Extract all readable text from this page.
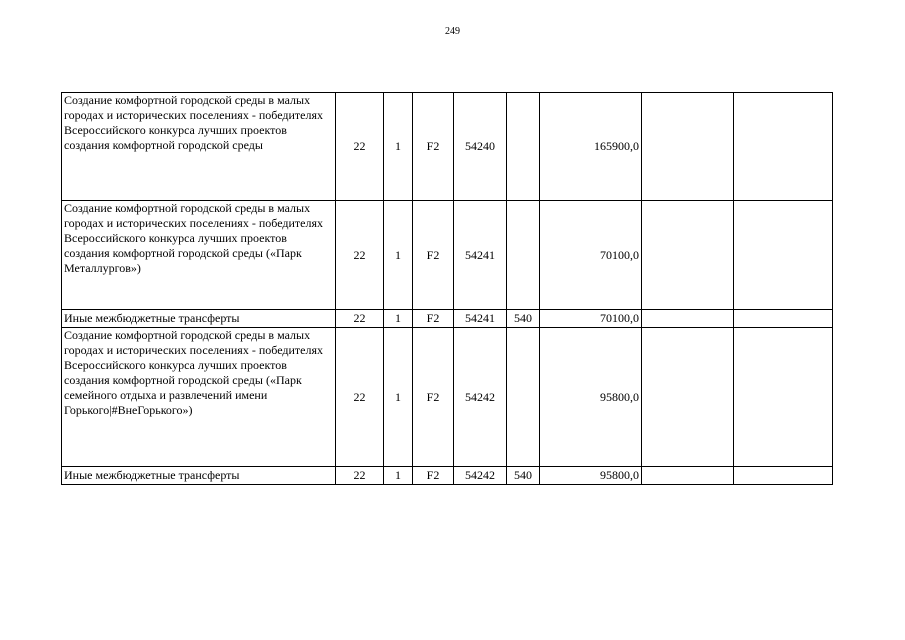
249
Создание комфортной городской среды в малых городах и исторических поселениях - победителях Всероссийского конкурса лучших проектов создания комфортной городской среды	22	1	F2	54240		165900,0		
Создание комфортной городской среды в малых городах и исторических поселениях - победителях Всероссийского конкурса лучших проектов создания комфортной городской среды («Парк Металлургов»)	22	1	F2	54241		70100,0		
Иные межбюджетные трансферты	22	1	F2	54241	540	70100,0		
Создание комфортной городской среды в малых городах и исторических поселениях - победителях Всероссийского конкурса лучших проектов создания комфортной городской среды («Парк семейного отдыха и развлечений имени Горького|#ВнеГорького»)	22	1	F2	54242		95800,0		
Иные межбюджетные трансферты	22	1	F2	54242	540	95800,0		
